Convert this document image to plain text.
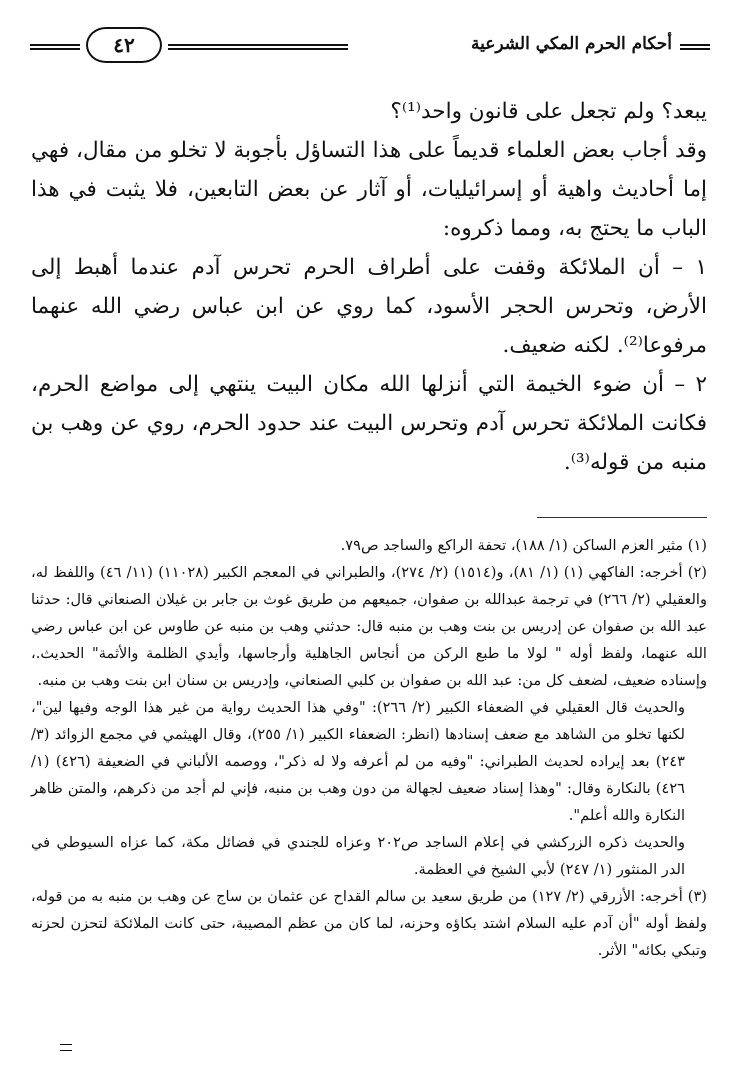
أحكام الحرم المكي الشرعية
٤٢

يبعد؟ ولم تجعل على قانون واحد⁽¹⁾؟

وقد أجاب بعض العلماء قديماً على هذا التساؤل بأجوبة لا تخلو من مقال، فهي إما أحاديث واهية أو إسرائيليات، أو آثار عن بعض التابعين، فلا يثبت في هذا الباب ما يحتج به، ومما ذكروه:

١ – أن الملائكة وقفت على أطراف الحرم تحرس آدم عندما أهبط إلى الأرض، وتحرس الحجر الأسود، كما روي عن ابن عباس رضي الله عنهما مرفوعا⁽²⁾. لكنه ضعيف.

٢ – أن ضوء الخيمة التي أنزلها الله مكان البيت ينتهي إلى مواضع الحرم، فكانت الملائكة تحرس آدم وتحرس البيت عند حدود الحرم، روي عن وهب بن منبه من قوله⁽³⁾.

(١) مثير العزم الساكن (١/ ١٨٨)، تحفة الراكع والساجد ص٧٩.

(٢) أخرجه: الفاكهي (١) (١/ ٨١)، و(١٥١٤) (٢/ ٢٧٤)، والطبراني في المعجم الكبير (١١٠٢٨) (١١/ ٤٦) واللفظ له، والعقيلي (٢/ ٢٦٦) في ترجمة عبدالله بن صفوان، جميعهم من طريق غوث بن جابر بن غيلان الصنعاني قال: حدثنا عبد الله بن صفوان عن إدريس بن بنت وهب بن منبه قال: حدثني وهب بن منبه عن طاوس عن ابن عباس رضي الله عنهما، ولفظ أوله " لولا ما طبع الركن من أنجاس الجاهلية وأرجاسها، وأيدي الظلمة والأثمة" الحديث.، وإسناده ضعيف، لضعف كل من: عبد الله بن صفوان بن كلبي الصنعاني، وإدريس بن سنان ابن بنت وهب بن منبه.

والحديث قال العقيلي في الضعفاء الكبير (٢/ ٢٦٦): "وفي هذا الحديث رواية من غير هذا الوجه وفيها لين"، لكنها تخلو من الشاهد مع ضعف إسنادها (انظر: الضعفاء الكبير (١/ ٢٥٥)، وقال الهيثمي في مجمع الزوائد (٣/ ٢٤٣) بعد إيراده لحديث الطبراني: "وفيه من لم أعرفه ولا له ذكر"، ووصمه الألباني في الضعيفة (٤٢٦) (١/ ٤٢٦) بالنكارة وقال: "وهذا إسناد ضعيف لجهالة من دون وهب بن منبه، فإني لم أجد من ذكرهم، والمتن ظاهر النكارة والله أعلم".

والحديث ذكره الزركشي في إعلام الساجد ص٢٠٢ وعزاه للجندي في فضائل مكة، كما عزاه السيوطي في الدر المنثور (١/ ٢٤٧) لأبي الشيخ في العظمة.

(٣) أخرجه: الأزرقي (٢/ ١٢٧) من طريق سعيد بن سالم القداح عن عثمان بن ساج عن وهب بن منبه به من قوله، ولفظ أوله "أن آدم عليه السلام اشتد بكاؤه وحزنه، لما كان من عظم المصيبة، حتى كانت الملائكة لتحزن لحزنه وتبكي بكائه" الأثر.
